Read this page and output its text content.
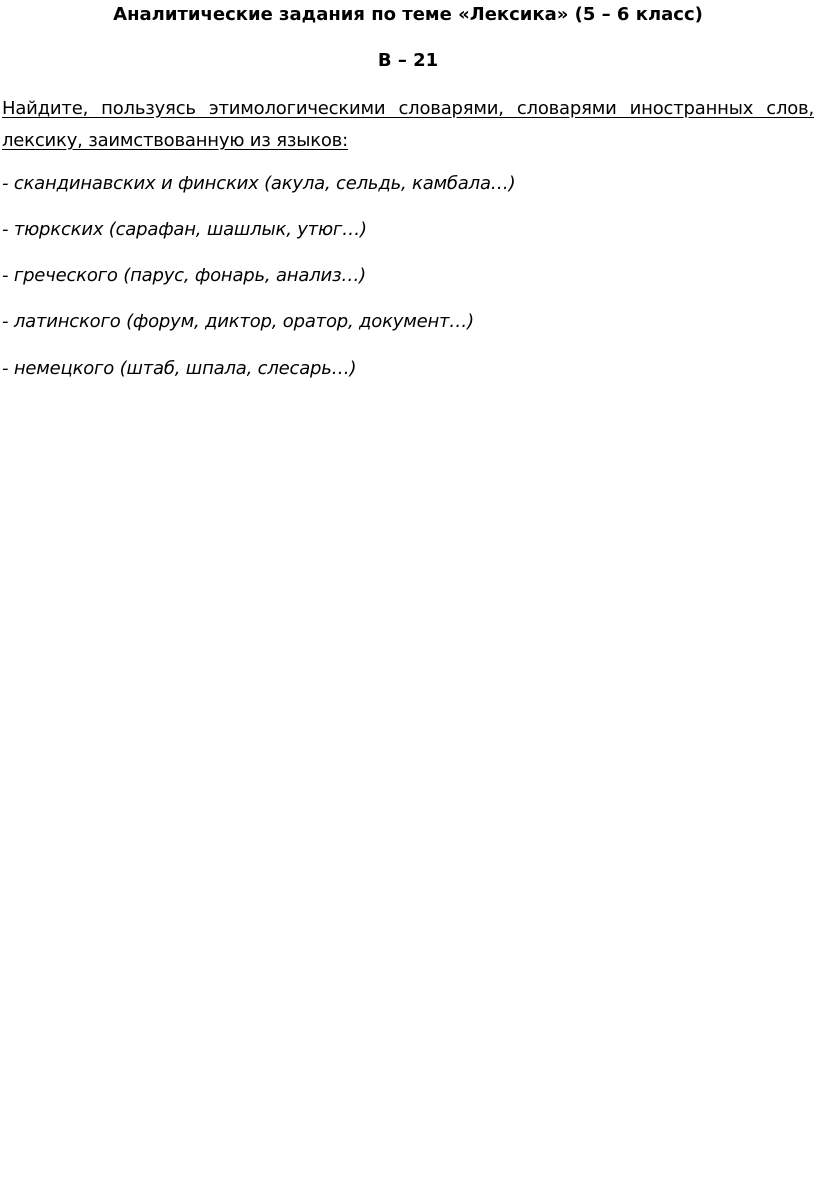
Аналитические задания по теме «Лексика» (5 – 6 класс)
В – 21
Найдите, пользуясь этимологическими словарями, словарями иностранных слов, лексику, заимствованную из языков:
- скандинавских и финских (акула, сельдь, камбала…)
- тюркских (сарафан, шашлык, утюг…)
- греческого (парус, фонарь, анализ…)
- латинского (форум, диктор, оратор, документ…)
- немецкого (штаб, шпала, слесарь…)
